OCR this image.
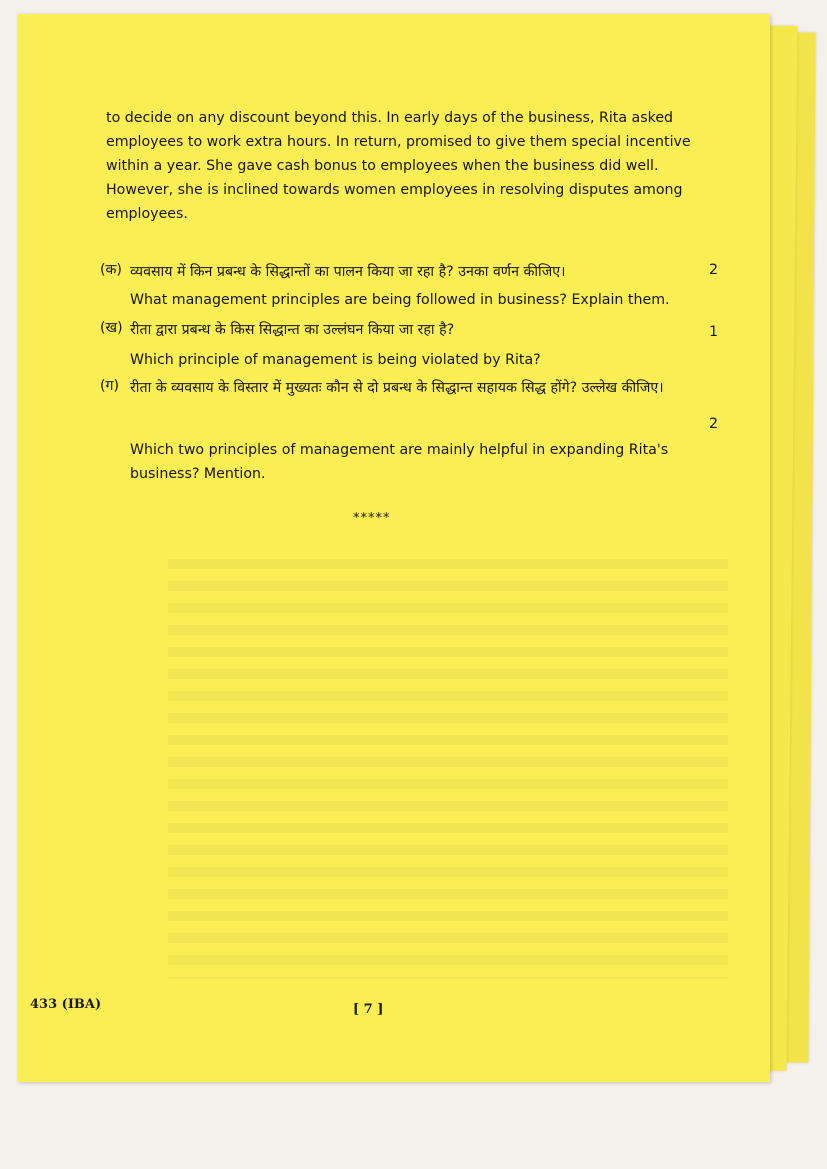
to decide on any discount beyond this. In early days of the business, Rita asked
employees to work extra hours. In return, promised to give them special incentive
within a year. She gave cash bonus to employees when the business did well.
However, she is inclined towards women employees in resolving disputes among
employees.
(क) व्यवसाय में किन प्रबन्ध के सिद्धान्तों का पालन किया जा रहा है? उनका वर्णन कीजिए।	2
What management principles are being followed in business? Explain them.
(ख) रीता द्वारा प्रबन्ध के किस सिद्धान्त का उल्लंघन किया जा रहा है?	1
Which principle of management is being violated by Rita?
(ग) रीता के व्यवसाय के विस्तार में मुख्यतः कौन से दो प्रबन्ध के सिद्धान्त सहायक सिद्ध होंगे? उल्लेख कीजिए।
2
Which two principles of management are mainly helpful in expanding Rita's business? Mention.
*****
433 (IBA)	[ 7 ]
